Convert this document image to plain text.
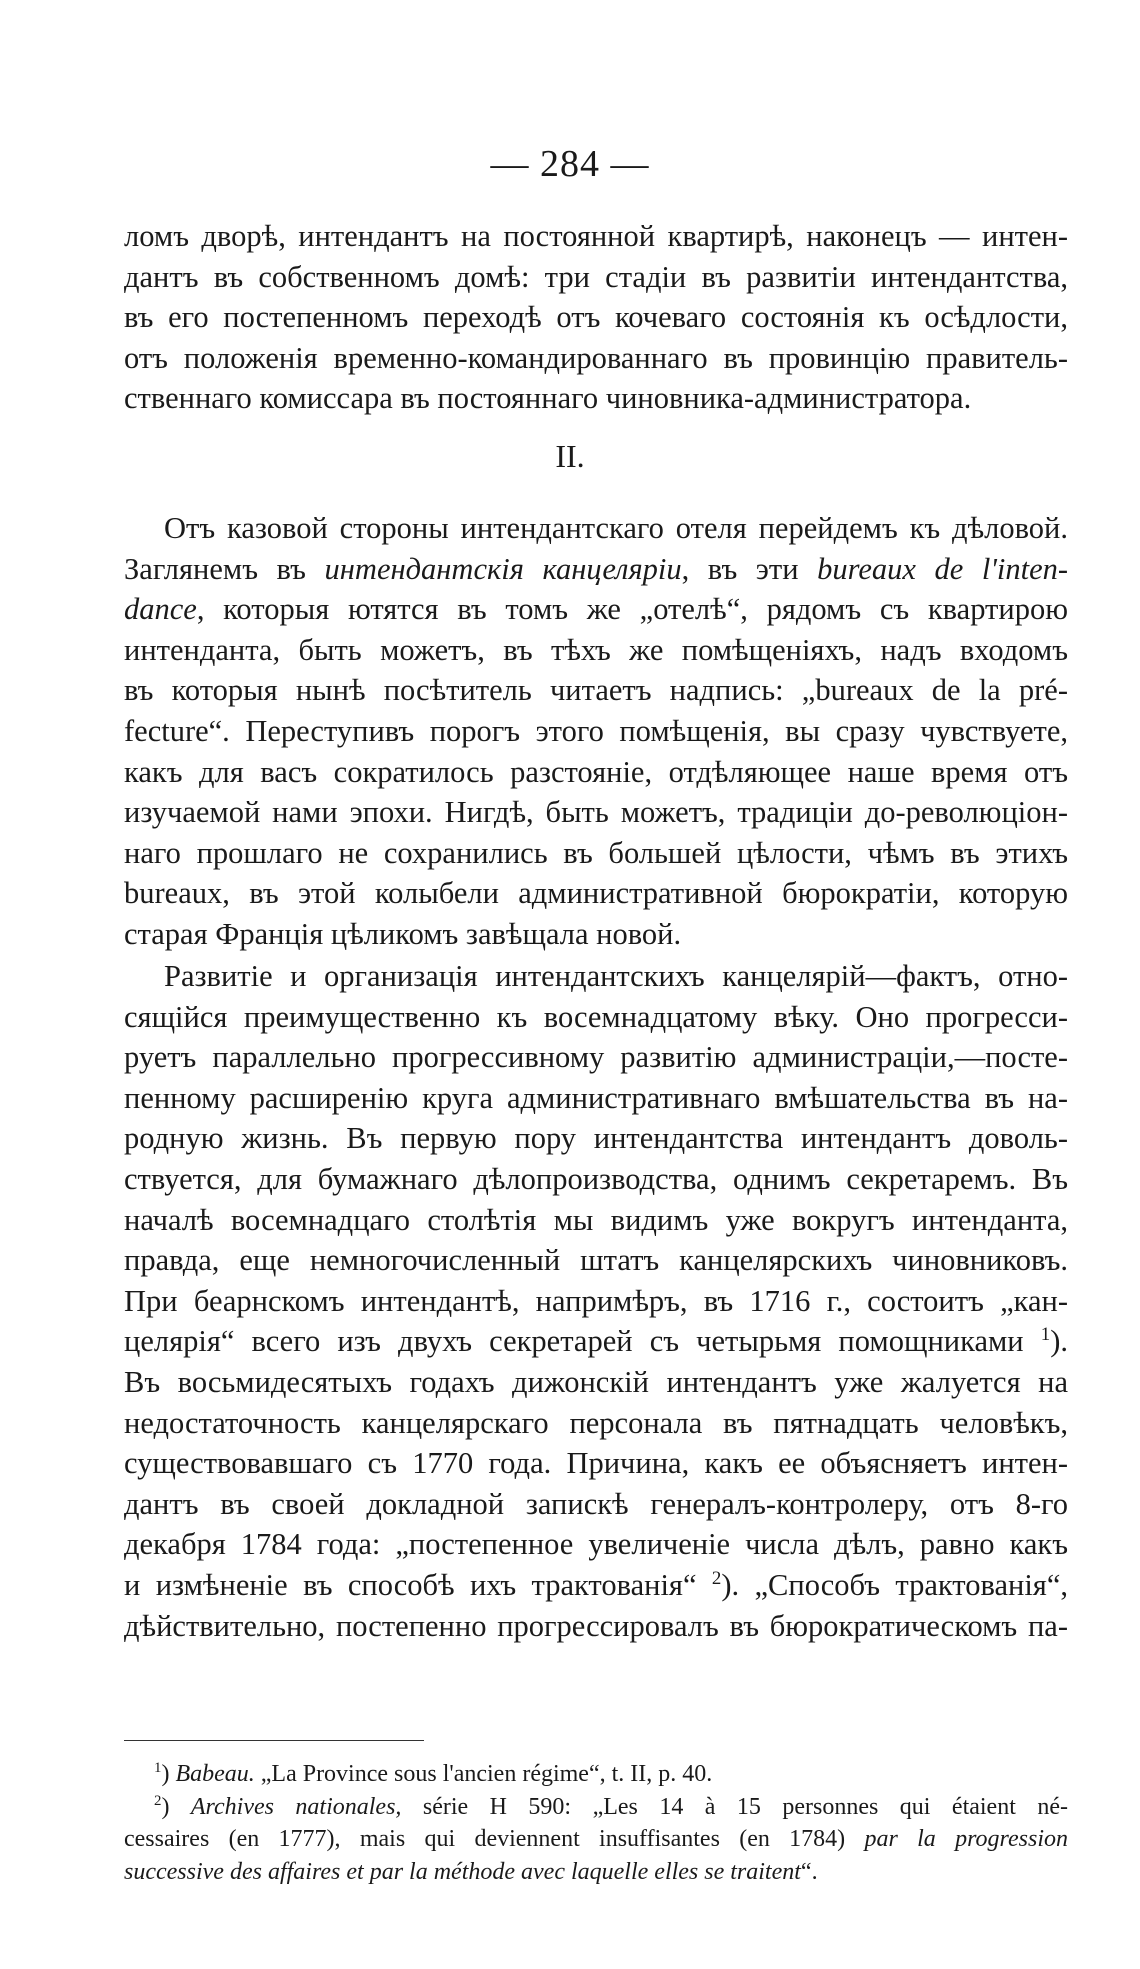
— 284 —
ломъ дворѣ, интендантъ на постоянной квартирѣ, наконецъ — интен-
дантъ въ собственномъ домѣ: три стадіи въ развитіи интендантства,
въ его постепенномъ переходѣ отъ кочеваго состоянія къ осѣдлости,
отъ положенія временно-командированнаго въ провинцію правитель-
ственнаго комиссара въ постояннаго чиновника-администратора.
II.
Отъ казовой стороны интендантскаго отеля перейдемъ къ дѣловой.
Заглянемъ въ интендантскія канцеляріи, въ эти bureaux de l'inten-
dance, которыя ютятся въ томъ же „отелѣ“, рядомъ съ квартирою
интенданта, быть можетъ, въ тѣхъ же помѣщеніяхъ, надъ входомъ
въ которыя нынѣ посѣтитель читаетъ надпись: „bureaux de la pré-
fecture“. Переступивъ порогъ этого помѣщенія, вы сразу чувствуете,
какъ для васъ сократилось разстояніе, отдѣляющее наше время отъ
изучаемой нами эпохи. Нигдѣ, быть можетъ, традиціи до-революціон-
наго прошлаго не сохранились въ большей цѣлости, чѣмъ въ этихъ
bureaux, въ этой колыбели административной бюрократіи, которую
старая Франція цѣликомъ завѣщала новой.
Развитіе и организація интендантскихъ канцелярій—фактъ, отно-
сящійся преимущественно къ восемнадцатому вѣку. Оно прогресси-
руетъ параллельно прогрессивному развитію администраціи,—посте-
пенному расширенію круга административнаго вмѣшательства въ на-
родную жизнь. Въ первую пору интендантства интендантъ доволь-
ствуется, для бумажнаго дѣлопроизводства, однимъ секретаремъ. Въ
началѣ восемнадцаго столѣтія мы видимъ уже вокругъ интенданта,
правда, еще немногочисленный штатъ канцелярскихъ чиновниковъ.
При беарнскомъ интендантѣ, напримѣръ, въ 1716 г., состоитъ „кан-
целярія“ всего изъ двухъ секретарей съ четырьмя помощниками $^1$).
Въ восьмидесятыхъ годахъ дижонскій интендантъ уже жалуется на
недостаточность канцелярскаго персонала въ пятнадцать человѣкъ,
существовавшаго съ 1770 года. Причина, какъ ее объясняетъ интен-
дантъ въ своей докладной запискѣ генералъ-контролеру, отъ 8-го
декабря 1784 года: „постепенное увеличеніе числа дѣлъ, равно какъ
и измѣненіе въ способѣ ихъ трактованія“ $^2$). „Способъ трактованія“,
дѣйствительно, постепенно прогрессировалъ въ бюрократическомъ па-
$^1$) Babeau. „La Province sous l'ancien régime“, t. II, p. 40.
$^2$) Archives nationales, série H 590: „Les 14 à 15 personnes qui étaient né-
cessaires (en 1777), mais qui deviennent insuffisantes (en 1784) par la progression
successive des affaires et par la méthode avec laquelle elles se traitent“.
